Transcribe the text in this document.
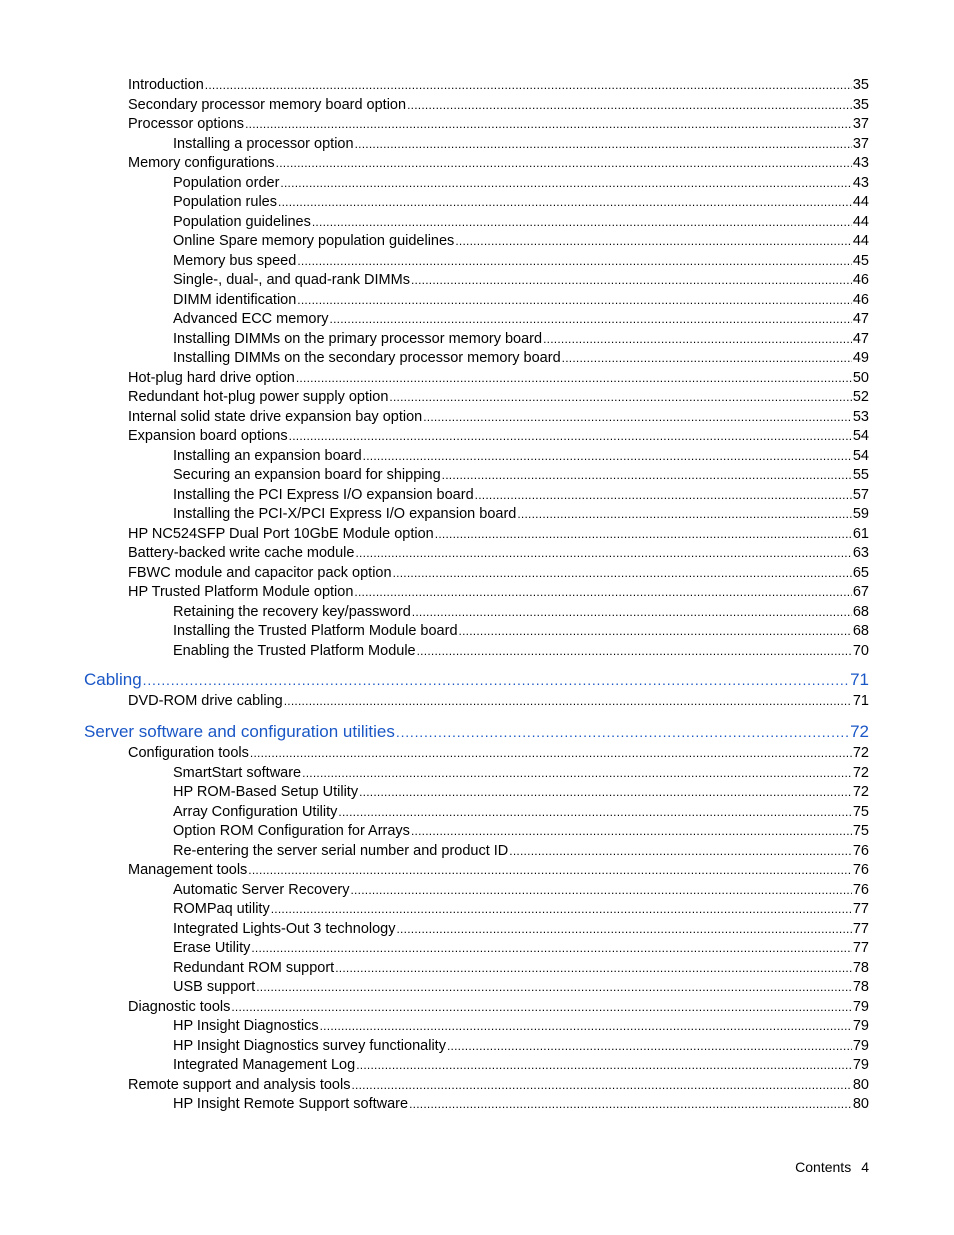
Introduction . . .	35
Secondary processor memory board option . . .	35
Processor options . . .	37
Installing a processor option . . .	37
Memory configurations . . .	43
Population order . . .	43
Population rules . . .	44
Population guidelines . . .	44
Online Spare memory population guidelines . . .	44
Memory bus speed . . .	45
Single-, dual-, and quad-rank DIMMs . . .	46
DIMM identification . . .	46
Advanced ECC memory . . .	47
Installing DIMMs on the primary processor memory board . . .	47
Installing DIMMs on the secondary processor memory board . . .	49
Hot-plug hard drive option . . .	50
Redundant hot-plug power supply option . . .	52
Internal solid state drive expansion bay option . . .	53
Expansion board options . . .	54
Installing an expansion board . . .	54
Securing an expansion board for shipping . . .	55
Installing the PCI Express I/O expansion board . . .	57
Installing the PCI-X/PCI Express I/O expansion board . . .	59
HP NC524SFP Dual Port 10GbE Module option . . .	61
Battery-backed write cache module . . .	63
FBWC module and capacitor pack option . . .	65
HP Trusted Platform Module option . . .	67
Retaining the recovery key/password . . .	68
Installing the Trusted Platform Module board . . .	68
Enabling the Trusted Platform Module . . .	70
Cabling . . .	71
DVD-ROM drive cabling . . .	71
Server software and configuration utilities . . .	72
Configuration tools . . .	72
SmartStart software . . .	72
HP ROM-Based Setup Utility . . .	72
Array Configuration Utility . . .	75
Option ROM Configuration for Arrays . . .	75
Re-entering the server serial number and product ID . . .	76
Management tools . . .	76
Automatic Server Recovery . . .	76
ROMPaq utility . . .	77
Integrated Lights-Out 3 technology . . .	77
Erase Utility . . .	77
Redundant ROM support . . .	78
USB support . . .	78
Diagnostic tools . . .	79
HP Insight Diagnostics . . .	79
HP Insight Diagnostics survey functionality . . .	79
Integrated Management Log . . .	79
Remote support and analysis tools . . .	80
HP Insight Remote Support software . . .	80
Contents 4
